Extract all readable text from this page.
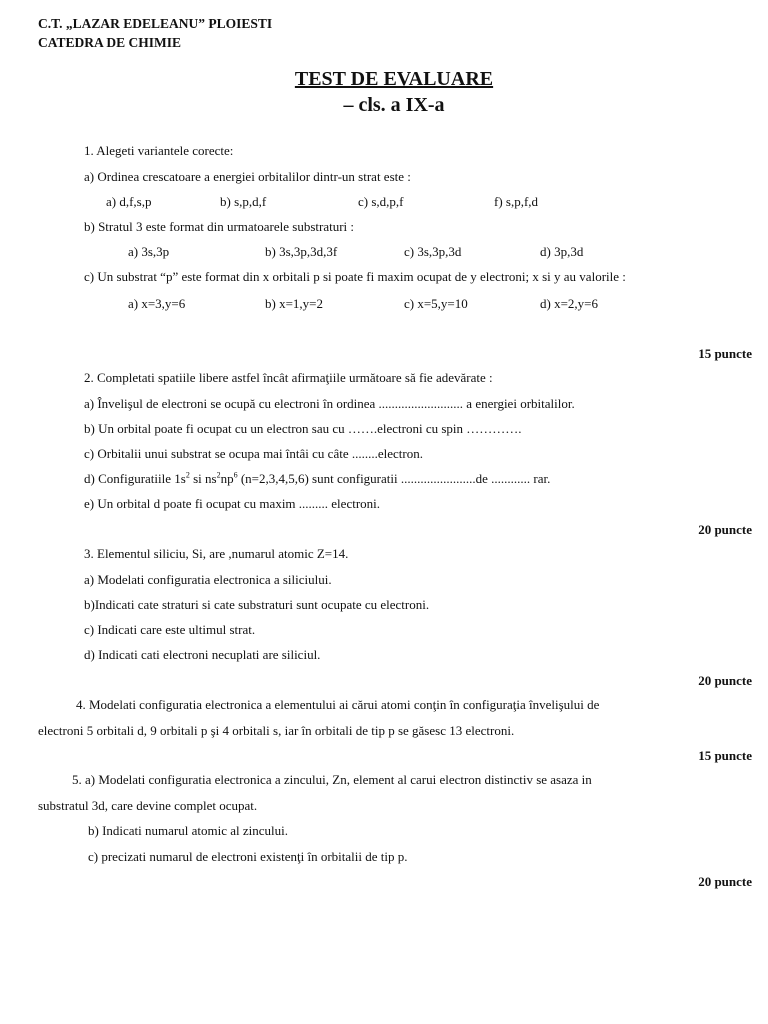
C.T. „LAZAR EDELEANU” PLOIESTI
CATEDRA DE CHIMIE
TEST DE EVALUARE
– cls. a IX-a
1. Alegeti variantele corecte:
a) Ordinea crescatoare a energiei orbitalilor dintr-un strat este :
a) d,f,s,p	b) s,p,d,f	c) s,d,p,f	f) s,p,f,d
b) Stratul 3 este format din urmatoarele substraturi :
a) 3s,3p	b) 3s,3p,3d,3f	c) 3s,3p,3d	d) 3p,3d
c) Un substrat “p” este format din x orbitali p si poate fi maxim ocupat de y electroni; x si y au valorile :
a) x=3,y=6	b) x=1,y=2	c) x=5,y=10	d) x=2,y=6
15 puncte
2. Completati spatiile libere astfel încât afirmaţiile următoare să fie adevărate :
a) Învelişul de electroni se ocupă cu electroni în ordinea .......................... a energiei orbitalilor.
b) Un orbital poate fi ocupat cu un electron sau cu …….electroni cu spin ………….
c) Orbitalii unui substrat se ocupa mai întâi cu câte ........electron.
d) Configuratiile $1s^2$ si $ns^2np^6$ (n=2,3,4,5,6) sunt configuratii .......................de ............ rar.
e) Un orbital d poate fi ocupat cu maxim ......... electroni.
20 puncte
3. Elementul siliciu, Si, are ,numarul atomic Z=14.
a) Modelati configuratia electronica a siliciului.
b)Indicati cate straturi si cate substraturi sunt ocupate cu electroni.
c) Indicati care este ultimul strat.
d) Indicati cati electroni necuplati are siliciul.
20 puncte
4. Modelati configuratia electronica a elementului ai cărui atomi conţin în configuraţia învelişului de
electroni 5 orbitali d, 9 orbitali p şi 4 orbitali s, iar în orbitali de tip p se găsesc 13 electroni.
15 puncte
5. a) Modelati configuratia electronica a zincului, Zn, element al carui electron distinctiv se asaza in
substratul 3d, care devine complet ocupat.
b) Indicati numarul atomic al zincului.
c) precizati numarul de electroni existenţi în orbitalii de tip p.
20 puncte
